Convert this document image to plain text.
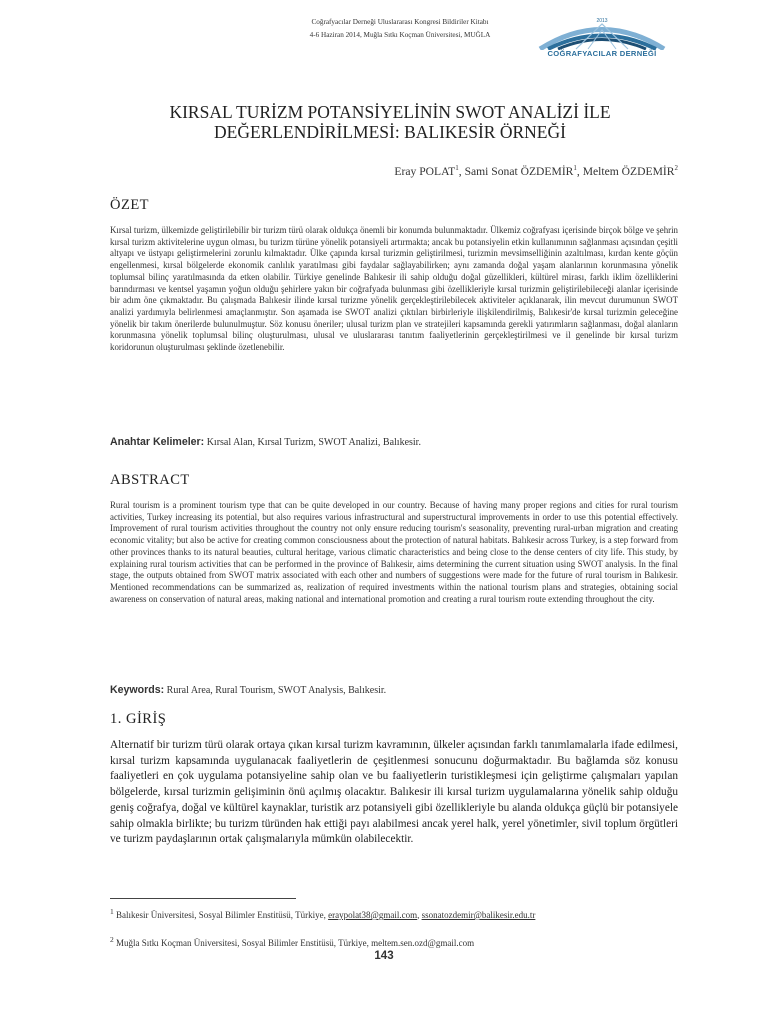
Coğrafyacılar Derneği Uluslararası Kongresi Bildiriler Kitabı
4-6 Haziran 2014, Muğla Sıtkı Koçman Üniversitesi, MUĞLA
2013
COĞRAFYACILAR DERNEĞİ
KIRSAL TURİZM POTANSİYELİNİN SWOT ANALİZİ İLE
DEĞERLENDİRİLMESİ: BALIKESİR ÖRNEĞİ
Eray POLAT$^1$, Sami Sonat ÖZDEMİR$^1$, Meltem ÖZDEMİR$^2$
ÖZET

Kırsal turizm, ülkemizde geliştirilebilir bir turizm türü olarak oldukça önemli bir konumda bulunmaktadır. Ülkemiz coğrafyası içerisinde birçok bölge ve şehrin kırsal turizm aktivitelerine uygun olması, bu turizm türüne yönelik potansiyeli artırmakta; ancak bu potansiyelin etkin kullanımının sağlanması açısından çeşitli altyapı ve üstyapı geliştirmelerini zorunlu kılmaktadır. Ülke çapında kırsal turizmin geliştirilmesi, turizmin mevsimselliğinin azaltılması, kırdan kente göçün engellenmesi, kırsal bölgelerde ekonomik canlılık yaratılması gibi faydalar sağlayabilirken; aynı zamanda doğal yaşam alanlarının korunmasına yönelik toplumsal bilinç yaratılmasında da etken olabilir. Türkiye genelinde Balıkesir ili sahip olduğu doğal güzellikleri, kültürel mirası, farklı iklim özelliklerini barındırması ve kentsel yaşamın yoğun olduğu şehirlere yakın bir coğrafyada bulunması gibi özellikleriyle kırsal turizmin geliştirilebileceği alanlar içerisinde bir adım öne çıkmaktadır. Bu çalışmada Balıkesir ilinde kırsal turizme yönelik gerçekleştirilebilecek aktiviteler açıklanarak, ilin mevcut durumunun SWOT analizi yardımıyla belirlenmesi amaçlanmıştır. Son aşamada ise SWOT analizi çıktıları birbirleriyle ilişkilendirilmiş, Balıkesir'de kırsal turizmin geleceğine yönelik bir takım önerilerde bulunulmuştur. Söz konusu öneriler; ulusal turizm plan ve stratejileri kapsamında gerekli yatırımların sağlanması, doğal alanların korunmasına yönelik toplumsal bilinç oluşturulması, ulusal ve uluslararası tanıtım faaliyetlerinin gerçekleştirilmesi ve il genelinde bir kırsal turizm koridorunun oluşturulması şeklinde özetlenebilir.

Anahtar Kelimeler: Kırsal Alan, Kırsal Turizm, SWOT Analizi, Balıkesir.

ABSTRACT

Rural tourism is a prominent tourism type that can be quite developed in our country. Because of having many proper regions and cities for rural tourism activities, Turkey increasing its potential, but also requires various infrastructural and superstructural improvements in order to use this potential effectively. Improvement of rural tourism activities throughout the country not only ensure reducing tourism's seasonality, preventing rural-urban migration and creating economic vitality; but also be active for creating common consciousness about the protection of natural habitats. Balıkesir across Turkey, is a step forward from other provinces thanks to its natural beauties, cultural heritage, various climatic characteristics and being close to the dense centers of city life. This study, by explaining rural tourism activities that can be performed in the province of Balıkesir, aims determining the current situation using SWOT analysis. In the final stage, the outputs obtained from SWOT matrix associated with each other and numbers of suggestions were made for the future of rural tourism in Balıkesir. Mentioned recommendations can be summarized as, realization of required investments within the national tourism plans and strategies, obtaining social awareness on conservation of natural areas, making national and international promotion and creating a rural tourism route extending throughout the city.

Keywords: Rural Area, Rural Tourism, SWOT Analysis, Balıkesir.

1. GİRİŞ

Alternatif bir turizm türü olarak ortaya çıkan kırsal turizm kavramının, ülkeler açısından farklı tanımlamalarla ifade edilmesi, kırsal turizm kapsamında uygulanacak faaliyetlerin de çeşitlenmesi sonucunu doğurmaktadır. Bu bağlamda söz konusu faaliyetleri en çok uygulama potansiyeline sahip olan ve bu faaliyetlerin turistikleşmesi için geliştirme çalışmaları yapılan bölgelerde, kırsal turizmin gelişiminin önü açılmış olacaktır. Balıkesir ili kırsal turizm uygulamalarına yönelik sahip olduğu geniş coğrafya, doğal ve kültürel kaynaklar, turistik arz potansiyeli gibi özellikleriyle bu alanda oldukça güçlü bir potansiyele sahip olmakla birlikte; bu turizm türünden hak ettiği payı alabilmesi ancak yerel halk, yerel yönetimler, sivil toplum örgütleri ve turizm paydaşlarının ortak çalışmalarıyla mümkün olabilecektir.

$^1$ Balıkesir Üniversitesi, Sosyal Bilimler Enstitüsü, Türkiye, eraypolat38@gmail.com, ssonatozdemir@balikesir.edu.tr

$^2$ Muğla Sıtkı Koçman Üniversitesi, Sosyal Bilimler Enstitüsü, Türkiye, meltem.sen.ozd@gmail.com

143
